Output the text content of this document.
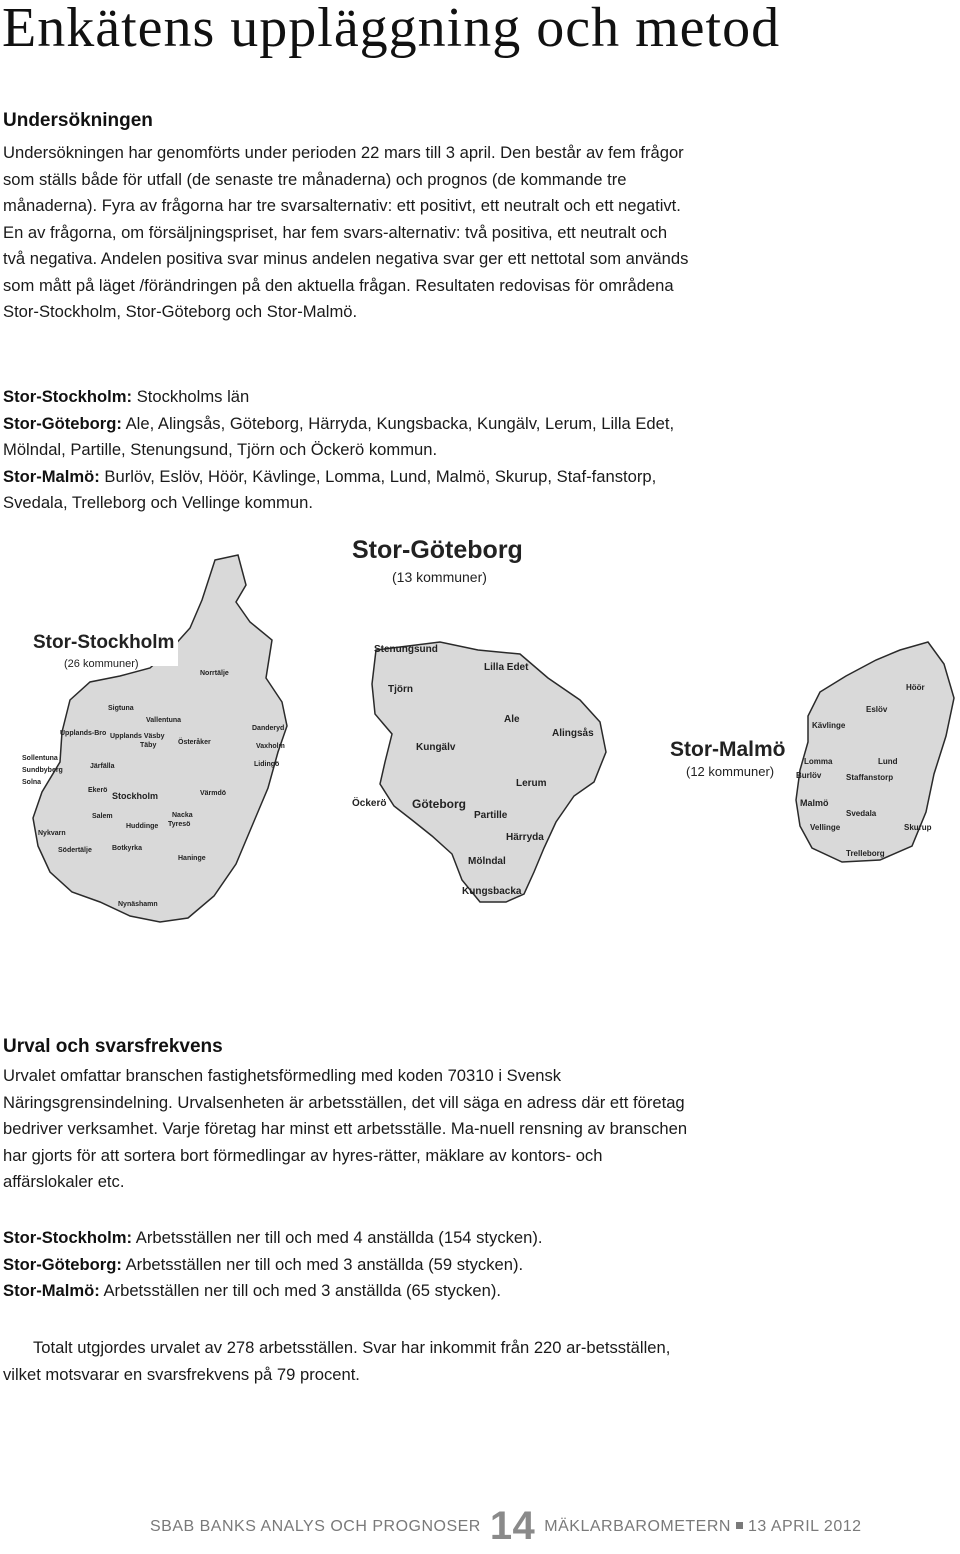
Enkätens uppläggning och metod
Undersökningen

Undersökningen har genomförts under perioden 22 mars till 3 april. Den består av fem frågor som ställs både för utfall (de senaste tre månaderna) och prognos (de kommande tre månaderna). Fyra av frågorna har tre svarsalternativ: ett positivt, ett neutralt och ett negativt. En av frågorna, om försäljningspriset, har fem svars-alternativ: två positiva, ett neutralt och två negativa. Andelen positiva svar minus andelen negativa svar ger ett nettotal som används som mått på läget /förändringen på den aktuella frågan. Resultaten redovisas för områdena Stor-Stockholm, Stor-Göteborg och Stor-Malmö.

Stor-Stockholm: Stockholms län
Stor-Göteborg: Ale, Alingsås, Göteborg, Härryda, Kungsbacka, Kungälv, Lerum, Lilla Edet, Mölndal, Partille, Stenungsund, Tjörn och Öckerö kommun.
Stor-Malmö: Burlöv, Eslöv, Höör, Kävlinge, Lomma, Lund, Malmö, Skurup, Staf-fanstorp, Svedala, Trelleborg och Vellinge kommun.
Stor-Stockholm
(26 kommuner)
Norrtälje
Sigtuna
Vallentuna
Upplands-Bro Upplands Väsby
Täby	Österåker
Danderyd
Vaxholm
Lidingö
Sollentuna
Järfälla
Sundbyberg
Solna
Ekerö
Stockholm
Nacka
Värmdö
Salem
Huddinge Tyresö
Nykvarn
Södertälje	Botkyrka
Haninge
Nynäshamn
Stor-Göteborg
(13 kommuner)
Stenungsund
Lilla Edet
Tjörn
Ale
Kungälv
Alingsås
Lerum
Öckerö Göteborg
Partille
Härryda
Mölndal
Kungsbacka
Stor-Malmö
(12 kommuner)
Höör
Eslöv
Kävlinge
Lomma	Lund
Burlöv	Staffanstorp
Malmö
Svedala
Skurup
Vellinge
Trelleborg
Urval och svarsfrekvens

Urvalet omfattar branschen fastighetsförmedling med koden 70310 i Svensk Näringsgrensindelning. Urvalsenheten är arbetsställen, det vill säga en adress där ett företag bedriver verksamhet. Varje företag har minst ett arbetsställe. Ma-nuell rensning av branschen har gjorts för att sortera bort förmedlingar av hyres-rätter, mäklare av kontors- och affärslokaler etc.

Stor-Stockholm: Arbetsställen ner till och med 4 anställda (154 stycken).
Stor-Göteborg: Arbetsställen ner till och med 3 anställda (59 stycken).
Stor-Malmö: Arbetsställen ner till och med 3 anställda (65 stycken).

Totalt utgjordes urvalet av 278 arbetsställen. Svar har inkommit från 220 ar-betsställen, vilket motsvarar en svarsfrekvens på 79 procent.

SBAB BANKS ANALYS OCH PROGNOSER 14 MÄKLARBAROMETERN 13 APRIL 2012
